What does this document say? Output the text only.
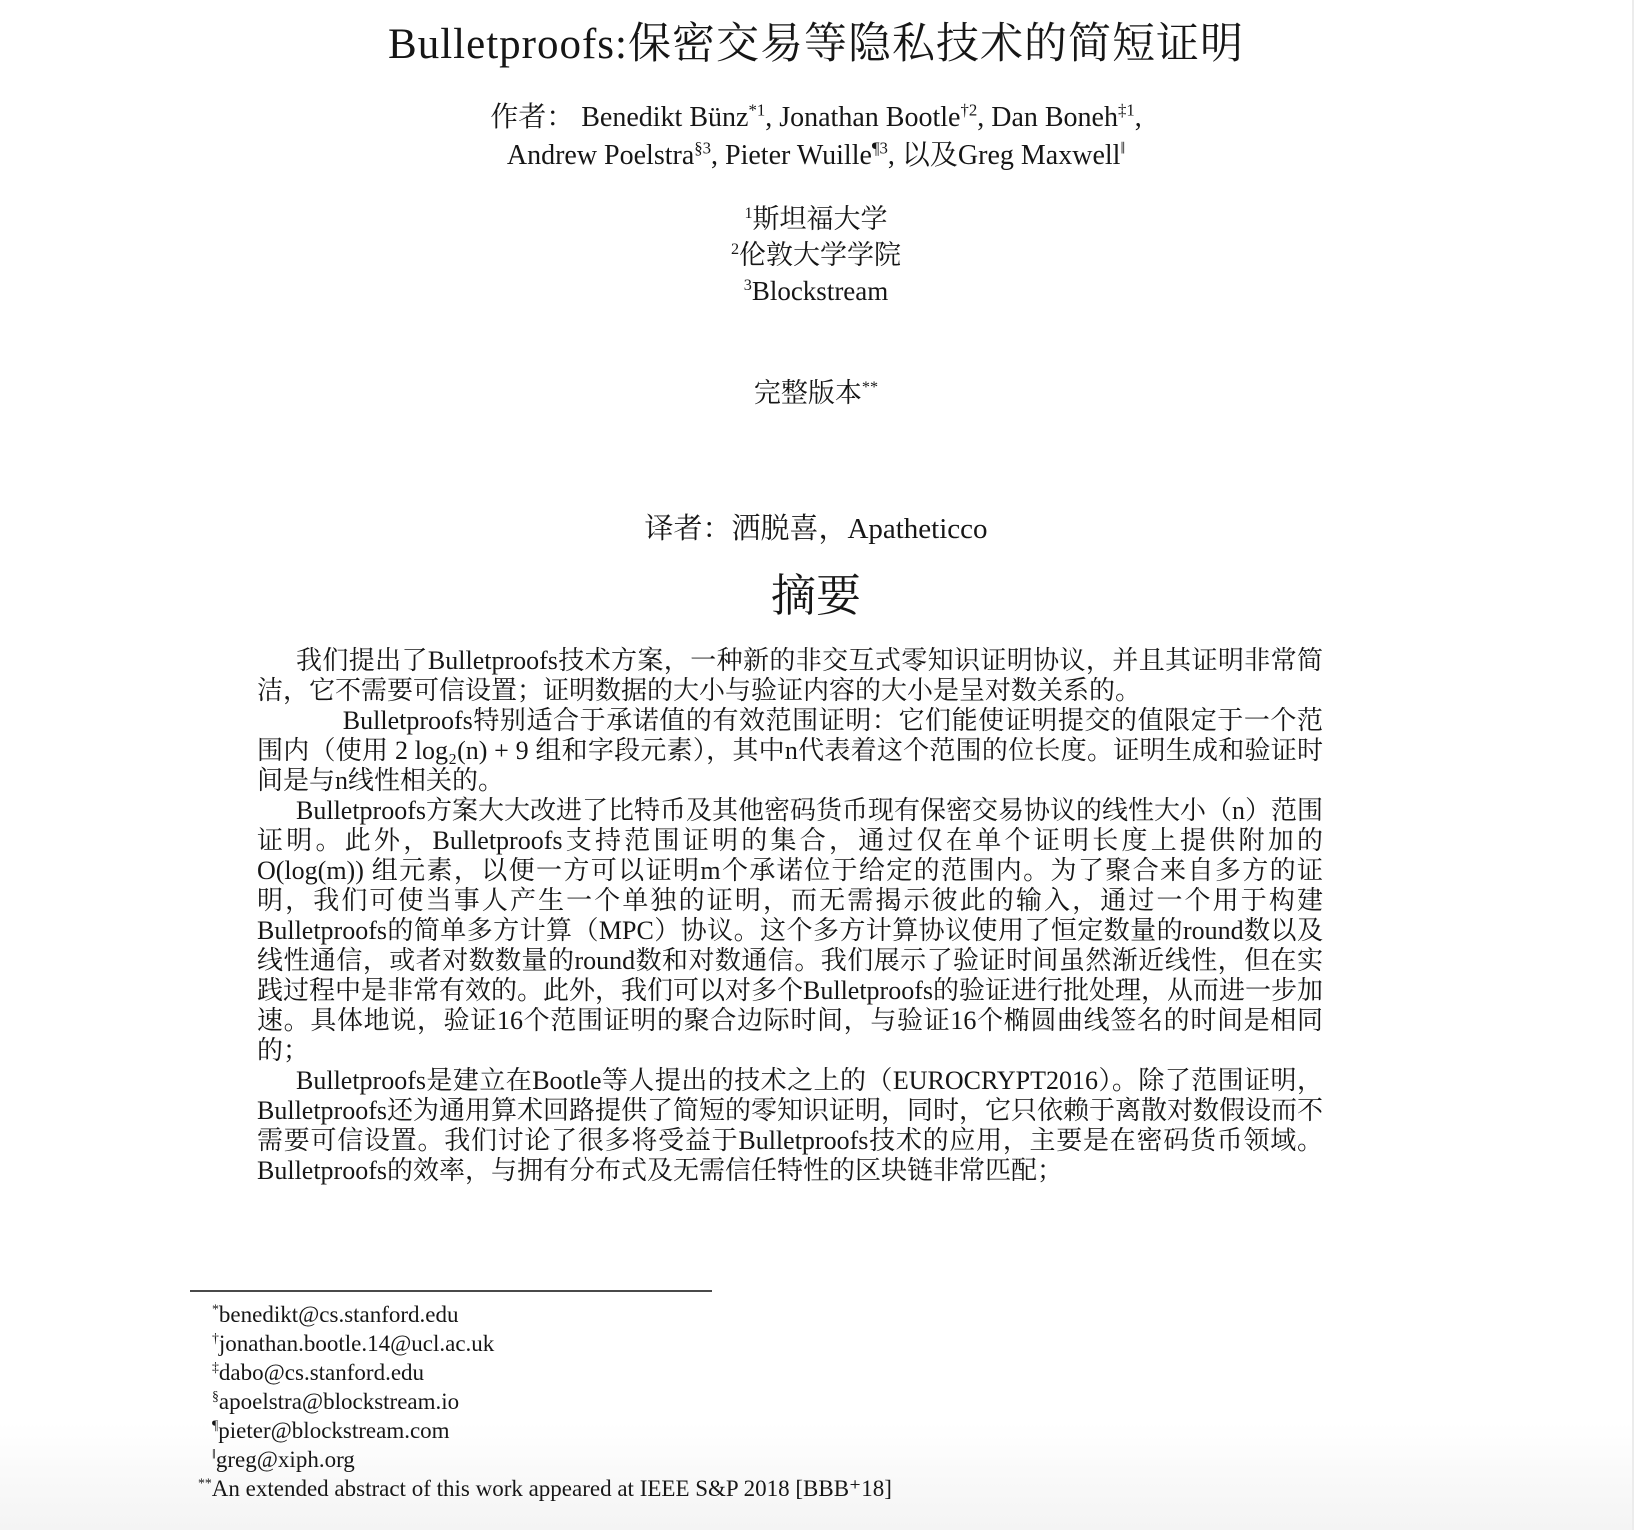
Bulletproofs:保密交易等隐私技术的简短证明
作者： Benedikt Bünz$^{*1}$, Jonathan Bootle$^{\dagger 2}$, Dan Boneh$^{\ddagger 1}$,
Andrew Poelstra$^{\S 3}$, Pieter Wuille$^{\P 3}$, 以及Greg Maxwell‖
$^1$斯坦福大学
$^2$伦敦大学学院
$^3$Blockstream
完整版本**
译者：洒脱喜，Apatheticco
摘要

我们提出了Bulletproofs技术方案，一种新的非交互式零知识证明协议，并且其证明非常简洁，它不需要可信设置；证明数据的大小与验证内容的大小是呈对数关系的。

Bulletproofs特别适合于承诺值的有效范围证明：它们能使证明提交的值限定于一个范围内（使用 2 log₂(n) + 9 组和字段元素），其中n代表着这个范围的位长度。证明生成和验证时间是与n线性相关的。

Bulletproofs方案大大改进了比特币及其他密码货币现有保密交易协议的线性大小（n）范围证明。此外，Bulletproofs支持范围证明的集合，通过仅在单个证明长度上提供附加的 O(log(m)) 组元素，以便一方可以证明m个承诺位于给定的范围内。为了聚合来自多方的证明，我们可使当事人产生一个单独的证明，而无需揭示彼此的输入，通过一个用于构建Bulletproofs的简单多方计算（MPC）协议。这个多方计算协议使用了恒定数量的round数以及线性通信，或者对数数量的round数和对数通信。我们展示了验证时间虽然渐近线性，但在实践过程中是非常有效的。此外，我们可以对多个Bulletproofs的验证进行批处理，从而进一步加速。具体地说，验证16个范围证明的聚合边际时间，与验证16个椭圆曲线签名的时间是相同的；

Bulletproofs是建立在Bootle等人提出的技术之上的（EUROCRYPT2016）。除了范围证明，Bulletproofs还为通用算术回路提供了简短的零知识证明，同时，它只依赖于离散对数假设而不需要可信设置。我们讨论了很多将受益于Bulletproofs技术的应用，主要是在密码货币领域。Bulletproofs的效率，与拥有分布式及无需信任特性的区块链非常匹配；

*benedikt@cs.stanford.edu
†jonathan.bootle.14@ucl.ac.uk
‡dabo@cs.stanford.edu
§apoelstra@blockstream.io
¶pieter@blockstream.com
‖greg@xiph.org
**An extended abstract of this work appeared at IEEE S&P 2018 [BBB⁺18]
